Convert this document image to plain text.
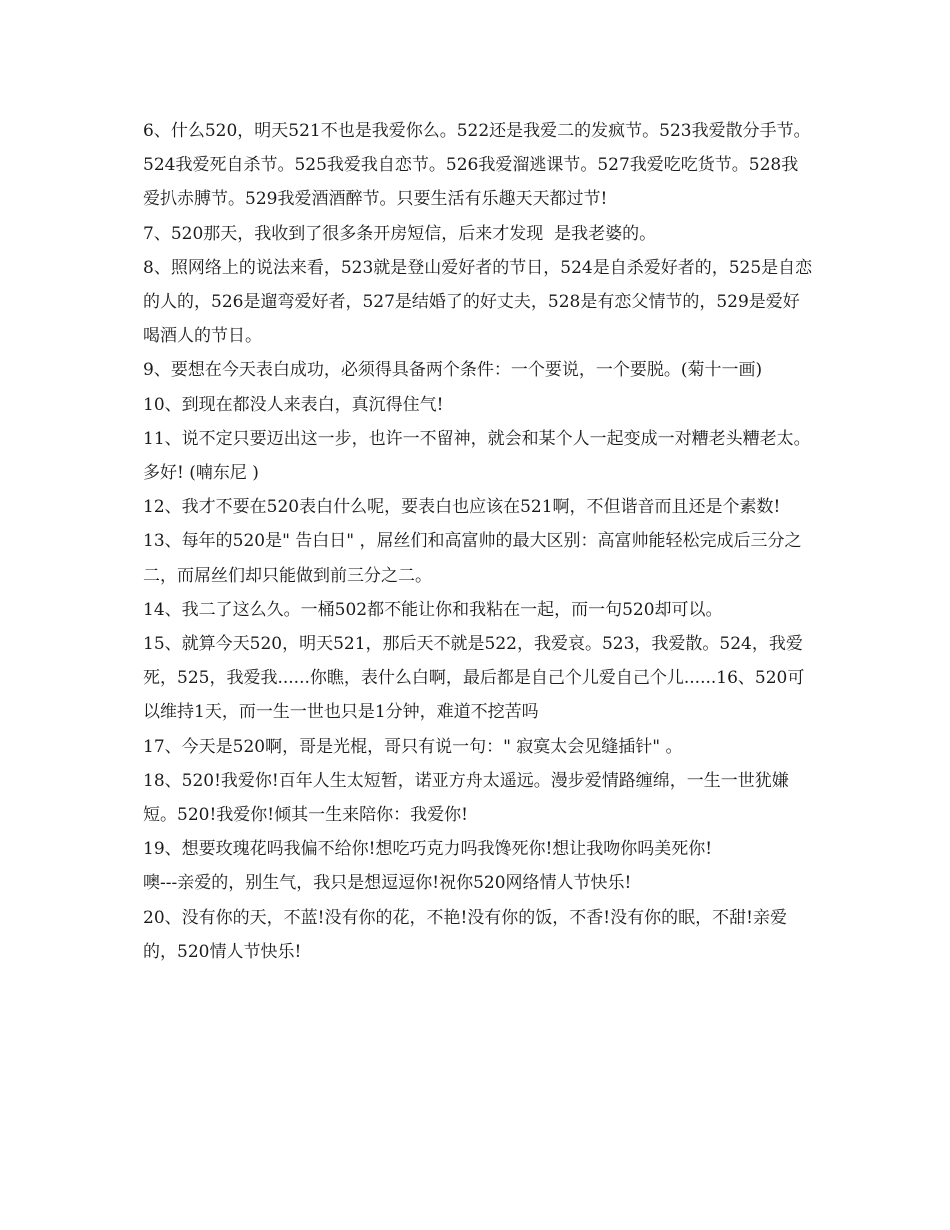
6、什么520，明天521不也是我爱你么。522还是我爱二的发疯节。523我爱散分手节。524我爱死自杀节。525我爱我自恋节。526我爱溜逃课节。527我爱吃吃货节。528我爱扒赤膊节。529我爱酒酒醉节。只要生活有乐趣天天都过节!

7、520那天，我收到了很多条开房短信，后来才发现  是我老婆的。

8、照网络上的说法来看，523就是登山爱好者的节日，524是自杀爱好者的，525是自恋的人的，526是遛弯爱好者，527是结婚了的好丈夫，528是有恋父情节的，529是爱好喝酒人的节日。

9、要想在今天表白成功，必须得具备两个条件：一个要说，一个要脱。(菊十一画)

10、到现在都没人来表白，真沉得住气!

11、说不定只要迈出这一步，也许一不留神，就会和某个人一起变成一对糟老头糟老太。多好! (喃东尼 )

12、我才不要在520表白什么呢，要表白也应该在521啊，不但谐音而且还是个素数!

13、每年的520是" 告白日" ，屌丝们和高富帅的最大区别：高富帅能轻松完成后三分之二，而屌丝们却只能做到前三分之二。

14、我二了这么久。一桶502都不能让你和我粘在一起，而一句520却可以。

15、就算今天520，明天521，那后天不就是522，我爱哀。523，我爱散。524，我爱死，525，我爱我......你瞧，表什么白啊，最后都是自己个儿爱自己个儿......16、520可以维持1天，而一生一世也只是1分钟，难道不挖苦吗

17、今天是520啊，哥是光棍，哥只有说一句：" 寂寞太会见缝插针" 。

18、520!我爱你!百年人生太短暂，诺亚方舟太遥远。漫步爱情路缠绵，一生一世犹嫌短。520!我爱你!倾其一生来陪你：我爱你!

19、想要玫瑰花吗我偏不给你!想吃巧克力吗我馋死你!想让我吻你吗美死你!

噢---亲爱的，别生气，我只是想逗逗你!祝你520网络情人节快乐!

20、没有你的天，不蓝!没有你的花，不艳!没有你的饭，不香!没有你的眠，不甜!亲爱的，520情人节快乐!
